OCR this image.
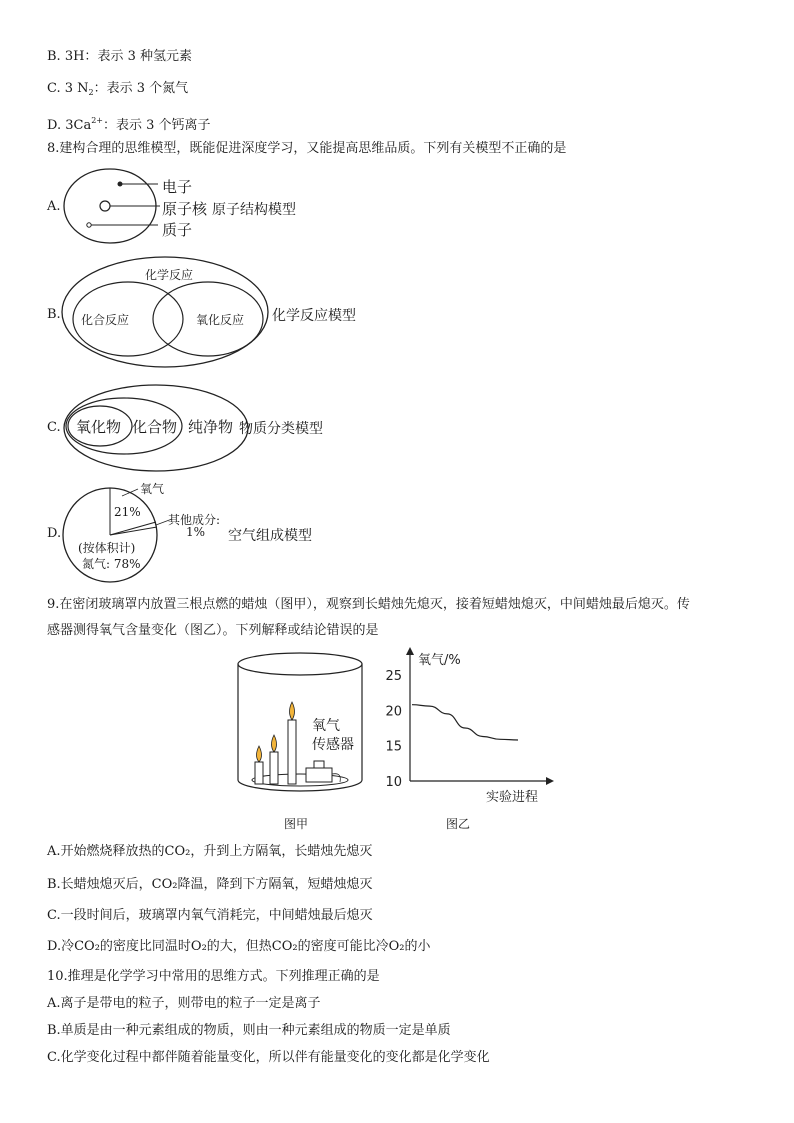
B. 3H：表示 3 种氢元素
C. 3 $N_2$：表示 3 个氮气
D. $3Ca^{2+}$：表示 3 个钙离子
8.建构合理的思维模型，既能促进深度学习，又能提高思维品质。下列有关模型不正确的是
A.
电子
原子核 原子结构模型
质子
B.
化学反应
化合反应	氧化反应 化学反应模型
C. 氧化物 化合物 纯净物 物质分类模型
D.
氧气
21%
其他成分:
1% 空气组成模型
(按体积计)
氮气: 78%
9.在密闭玻璃罩内放置三根点燃的蜡烛（图甲），观察到长蜡烛先熄灭，接着短蜡烛熄灭，中间蜡烛最后熄灭。传
感器测得氧气含量变化（图乙）。下列解释或结论错误的是
氧气
传感器
图甲
氧气/%
实验进程
25
20
15
10
图乙
A.开始燃烧释放热的CO₂，升到上方隔氧，长蜡烛先熄灭
B.长蜡烛熄灭后，CO₂降温，降到下方隔氧，短蜡烛熄灭
C.一段时间后，玻璃罩内氧气消耗完，中间蜡烛最后熄灭
D.冷CO₂的密度比同温时O₂的大，但热CO₂的密度可能比冷O₂的小
10.推理是化学学习中常用的思维方式。下列推理正确的是
A.离子是带电的粒子，则带电的粒子一定是离子
B.单质是由一种元素组成的物质，则由一种元素组成的物质一定是单质
C.化学变化过程中都伴随着能量变化，所以伴有能量变化的变化都是化学变化
